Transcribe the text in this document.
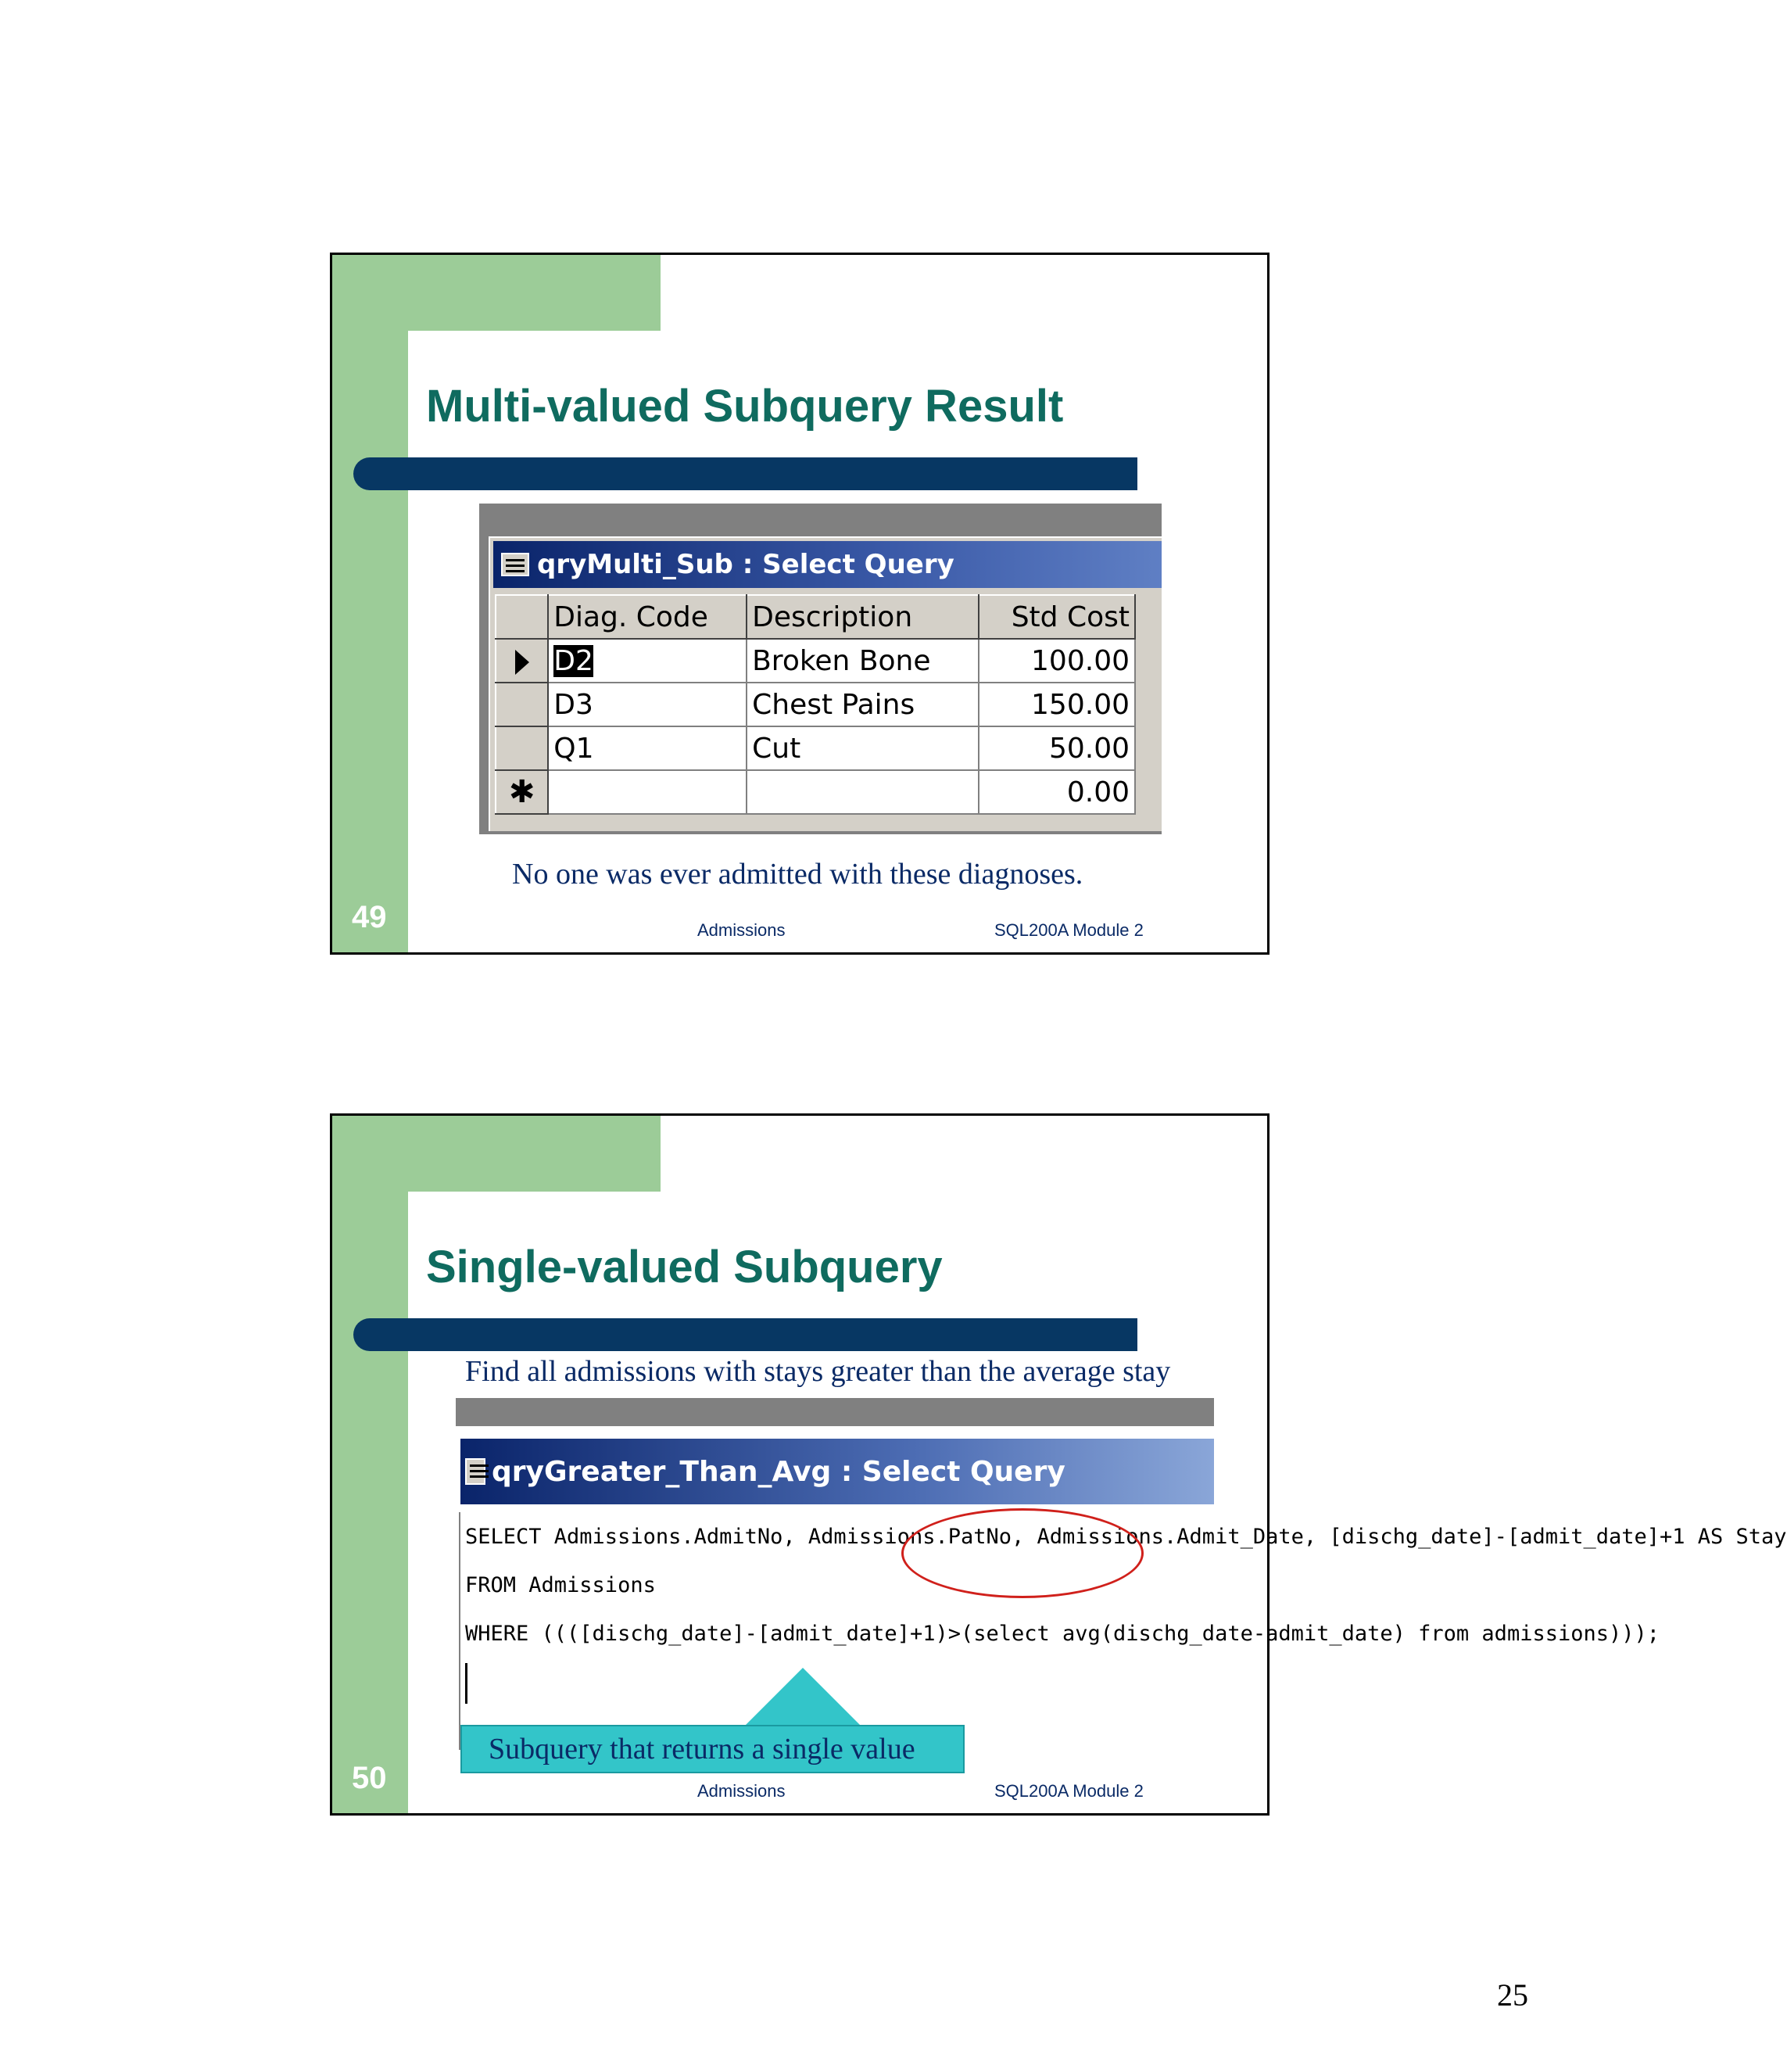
Multi-valued Subquery Result
qryMulti_Sub : Select Query
	Diag. Code	Description	Std Cost
	D2	Broken Bone	100.00
	D3	Chest Pains	150.00
	Q1	Cut	50.00
✱			0.00
No one was ever admitted with these diagnoses.
49	Admissions	SQL200A Module 2
Single-valued Subquery
Find all admissions with stays greater than the average stay
qryGreater_Than_Avg : Select Query
SELECT Admissions.AdmitNo, Admissions.PatNo, Admissions.Admit_Date, [dischg_date]-[admit_date]+1 AS Stay
FROM Admissions
WHERE ((([dischg_date]-[admit_date]+1)>(select avg(dischg_date-admit_date) from admissions)));
Subquery that returns a single value
50	Admissions	SQL200A Module 2
25
